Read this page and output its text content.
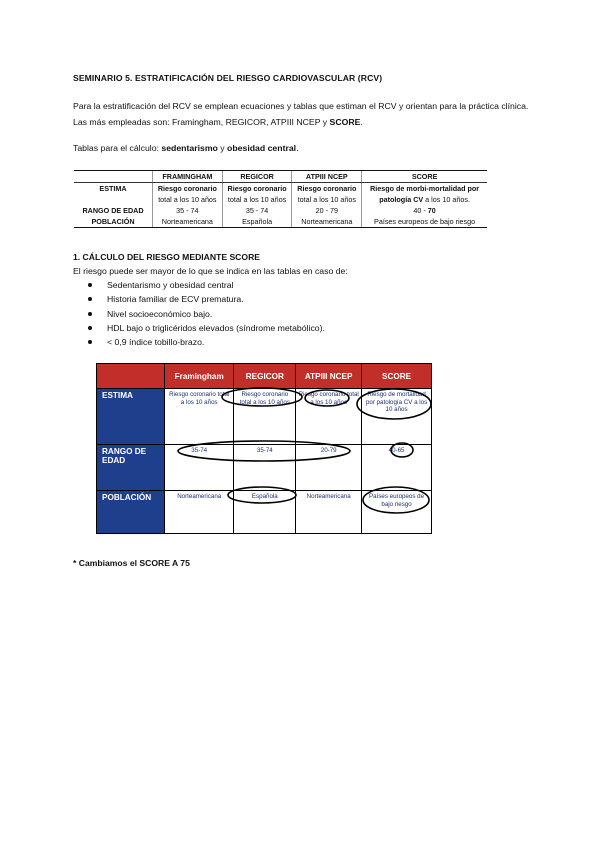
SEMINARIO 5. ESTRATIFICACIÓN DEL RIESGO CARDIOVASCULAR (RCV)
Para la estratificación del RCV se emplean ecuaciones y tablas que estiman el RCV y orientan para la práctica clínica. Las más empleadas son: Framingham, REGICOR, ATPIII NCEP y SCORE.
Tablas para el cálculo: sedentarismo y obesidad central.
	FRAMINGHAM	REGICOR	ATPIII NCEP	SCORE
ESTIMA	Riesgo coronario	Riesgo coronario	Riesgo coronario	Riesgo de morbi-mortalidad por
	total a los 10 años	total a los 10 años	total a los 10 años	patología CV a los 10 años.
RANGO DE EDAD	35 - 74	35 - 74	20 - 79	40 - 70
POBLACIÓN	Norteamericana	Española	Norteamericana	Países europeos de bajo riesgo
1. CÁLCULO DEL RIESGO MEDIANTE SCORE
El riesgo puede ser mayor de lo que se indica en las tablas en caso de:
Sedentarismo y obesidad central
Historia familiar de ECV prematura.
Nivel socioeconómico bajo.
HDL bajo o triglicéridos elevados (síndrome metabólico).
< 0,9 índice tobillo-brazo.
	Framingham	REGICOR	ATPIII NCEP	SCORE
ESTIMA	Riesgo coronario total a los 10 años	Riesgo coronario total a los 10 años	Riesgo coronario total a los 10 años	Riesgo de mortalidad por patología CV a los 10 años
RANGO DE EDAD	35-74	35-74	20-79	40-65
POBLACIÓN	Norteamericana	Española	Norteamericana	Países europeos de bajo riesgo
* Cambiamos el SCORE A 75
